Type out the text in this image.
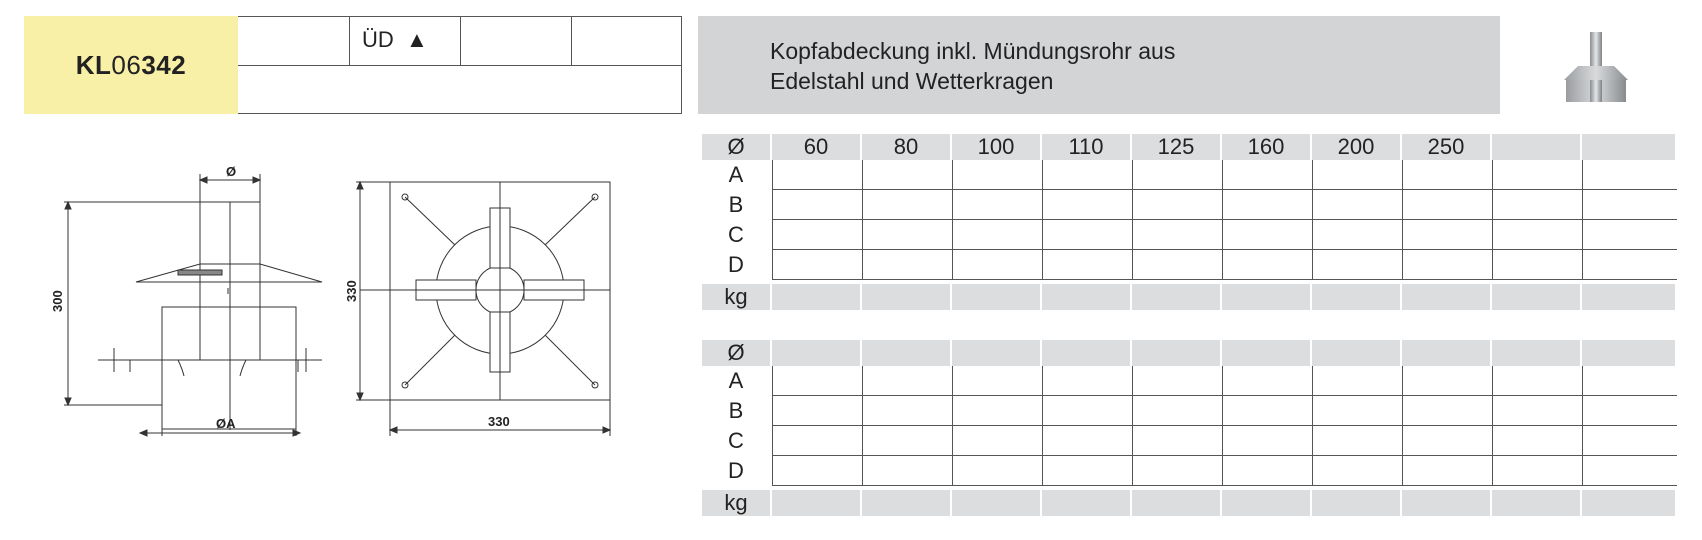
KL 06 342
ÜD ▲	Kopfabdeckung inkl. Mündungsrohr aus
Edelstahl und Wetterkragen
Ø
300
ØA
330
330
Ø	60	80	100	110	125	160	200	250
A
B
C
D
kg
Ø
A
B
C
D
kg
